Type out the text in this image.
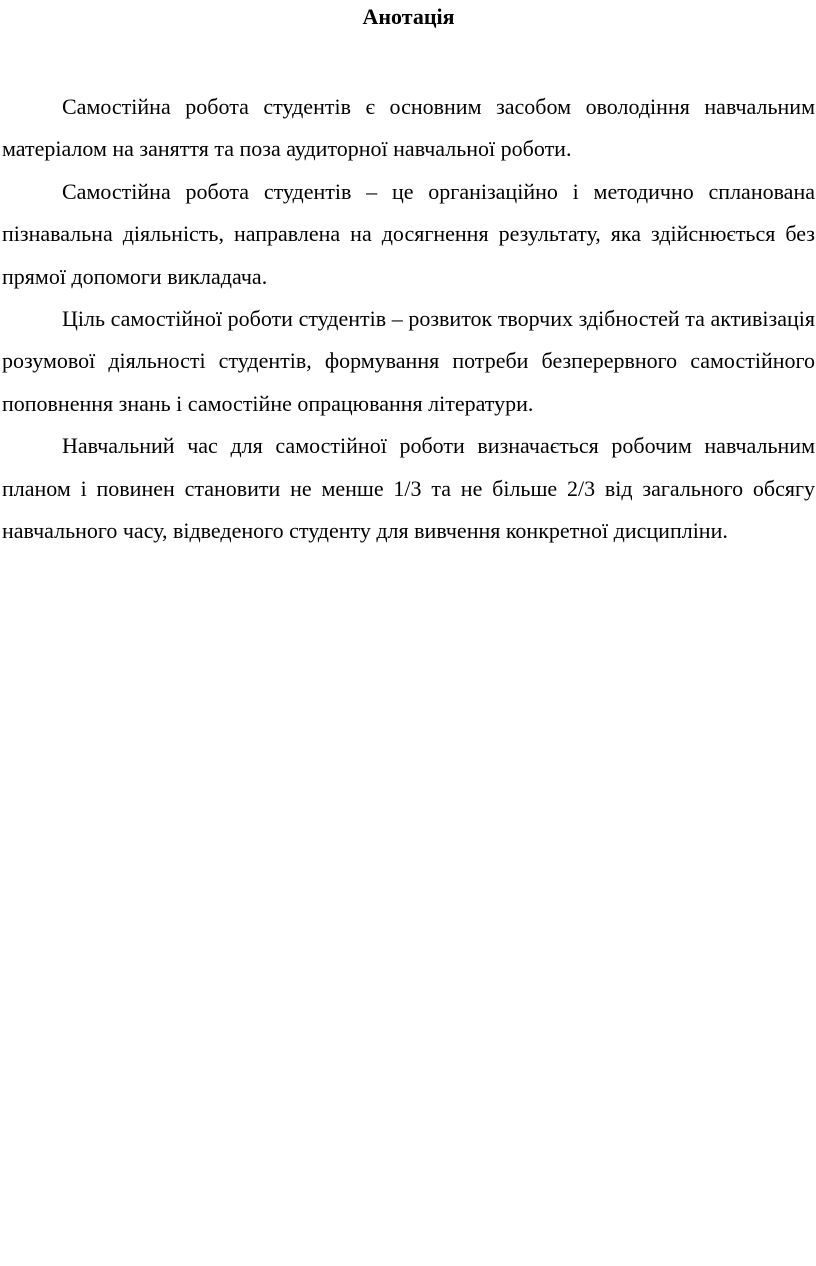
Анотація

Самостійна робота студентів є основним засобом оволодіння навчальним матеріалом на заняття та поза аудиторної навчальної роботи.

Самостійна робота студентів – це організаційно і методично спланована пізнавальна діяльність, направлена на досягнення результату, яка здійснюється без прямої допомоги викладача.

Ціль самостійної роботи студентів – розвиток творчих здібностей та активізація розумової діяльності студентів, формування потреби безперервного самостійного поповнення знань і самостійне опрацювання літератури.

Навчальний час для самостійної роботи визначається робочим навчальним планом і повинен становити не менше 1/3 та не більше 2/3 від загального обсягу навчального часу, відведеного студенту для вивчення конкретної дисципліни.
